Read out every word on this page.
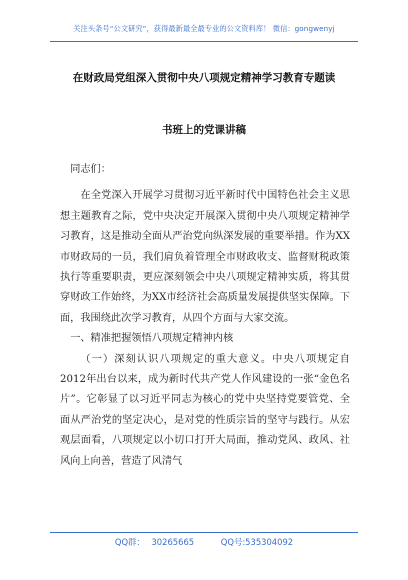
关注头条号“公文研究”，获得最新最全最专业的公文资料库！ 微信：gongwenyj
在财政局党组深入贯彻中央八项规定精神学习教育专题读
书班上的党课讲稿

同志们：

在全党深入开展学习贯彻习近平新时代中国特色社会主义思想主题教育之际，党中央决定开展深入贯彻中央八项规定精神学习教育，这是推动全面从严治党向纵深发展的重要举措。作为XX市财政局的一员，我们肩负着管理全市财政收支、监督财税政策执行等重要职责，更应深刻领会中央八项规定精神实质，将其贯穿财政工作始终，为XX市经济社会高质量发展提供坚实保障。下面，我围绕此次学习教育，从四个方面与大家交流。

一、精准把握领悟八项规定精神内核

（一）深刻认识八项规定的重大意义。中央八项规定自2012年出台以来，成为新时代共产党人作风建设的一张“金色名片”。它彰显了以习近平同志为核心的党中央坚持党要管党、全面从严治党的坚定决心，是对党的性质宗旨的坚守与践行。从宏观层面看，八项规定以小切口打开大局面，推动党风、政风、社风向上向善，营造了风清气

QQ群： 30265665	QQ号:535304092
